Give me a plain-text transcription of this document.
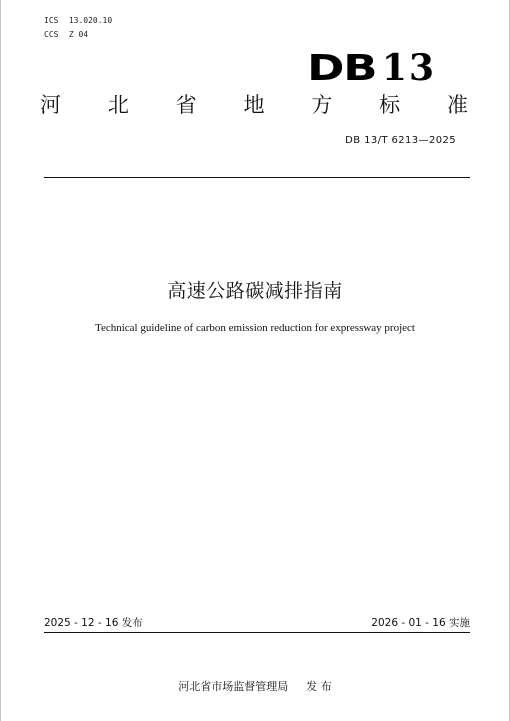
ICS 13.020.10
CCS Z 04
DB 13
河 北 省 地 方 标 准
DB 13/T 6213—2025
高速公路碳减排指南
Technical guideline of carbon emission reduction for expressway project
2025 - 12 - 16 发布	2026 - 01 - 16 实施
河北省市场监督管理局 发 布
